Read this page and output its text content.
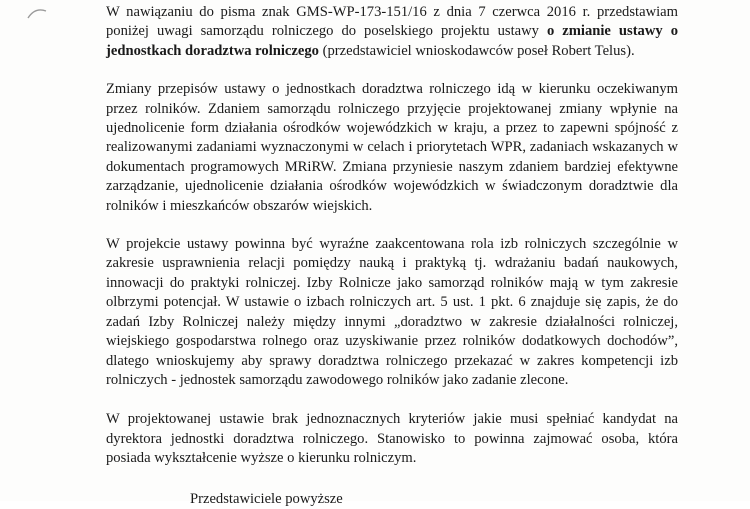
W nawiązaniu do pisma znak GMS-WP-173-151/16 z dnia 7 czerwca 2016 r. przedstawiam poniżej uwagi samorządu rolniczego do poselskiego projektu ustawy o zmianie ustawy o jednostkach doradztwa rolniczego (przedstawiciel wnioskodawców poseł Robert Telus).

Zmiany przepisów ustawy o jednostkach doradztwa rolniczego idą w kierunku oczekiwanym przez rolników. Zdaniem samorządu rolniczego przyjęcie projektowanej zmiany wpłynie na ujednolicenie form działania ośrodków wojewódzkich w kraju, a przez to zapewni spójność z realizowanymi zadaniami wyznaczonymi w celach i priorytetach WPR, zadaniach wskazanych w dokumentach programowych MRiRW. Zmiana przyniesie naszym zdaniem bardziej efektywne zarządzanie, ujednolicenie działania ośrodków wojewódzkich w świadczonym doradztwie dla rolników i mieszkańców obszarów wiejskich.

W projekcie ustawy powinna być wyraźne zaakcentowana rola izb rolniczych szczególnie w zakresie usprawnienia relacji pomiędzy nauką i praktyką tj. wdrażaniu badań naukowych, innowacji do praktyki rolniczej. Izby Rolnicze jako samorząd rolników mają w tym zakresie olbrzymi potencjał. W ustawie o izbach rolniczych art. 5 ust. 1 pkt. 6 znajduje się zapis, że do zadań Izby Rolniczej należy między innymi „doradztwo w zakresie działalności rolniczej, wiejskiego gospodarstwa rolnego oraz uzyskiwanie przez rolników dodatkowych dochodów”, dlatego wnioskujemy aby sprawy doradztwa rolniczego przekazać w zakres kompetencji izb rolniczych - jednostek samorządu zawodowego rolników jako zadanie zlecone.

W projektowanej ustawie brak jednoznacznych kryteriów jakie musi spełniać kandydat na dyrektora jednostki doradztwa rolniczego. Stanowisko to powinna zajmować osoba, która posiada wykształcenie wyższe o kierunku rolniczym.

Przedstawiciele powyższe
